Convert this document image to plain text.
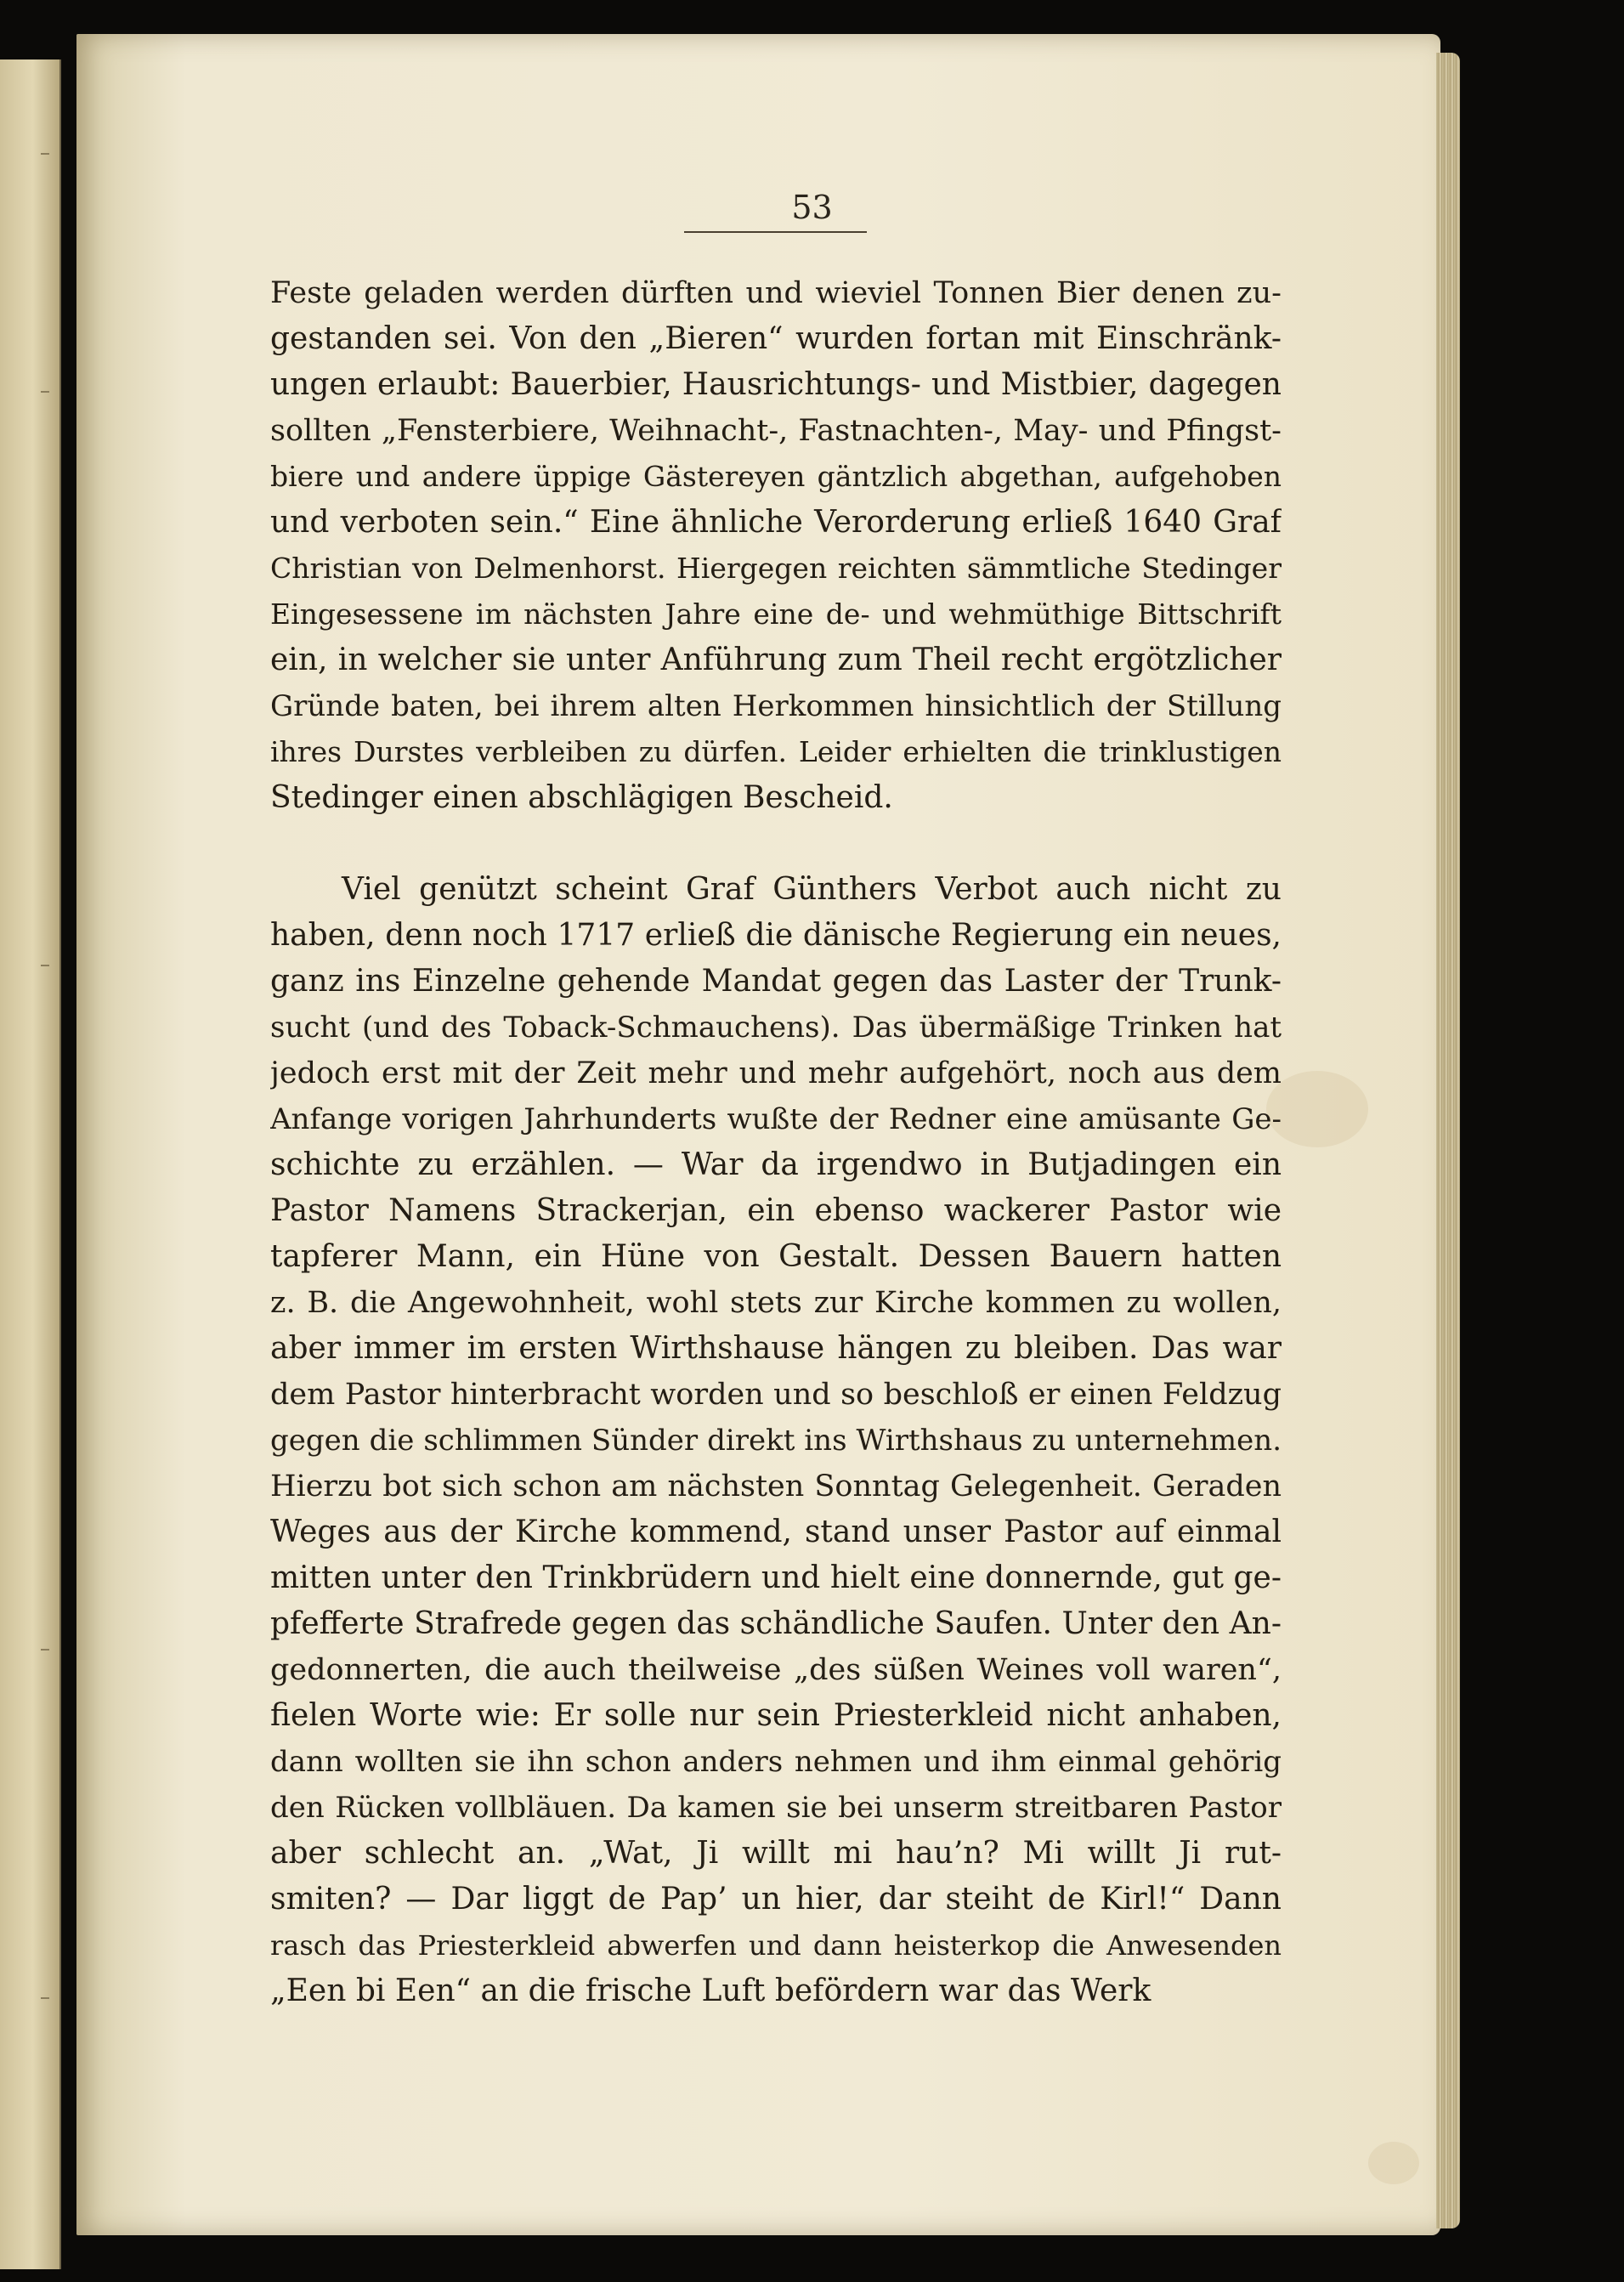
53
Feste geladen werden dürften und wieviel Tonnen Bier denen zu-
gestanden sei. Von den „Bieren“ wurden fortan mit Einschränk-
ungen erlaubt: Bauerbier, Hausrichtungs- und Mistbier, dagegen
sollten „Fensterbiere, Weihnacht-, Fastnachten-, May- und Pfingst-
biere und andere üppige Gästereyen gäntzlich abgethan, aufgehoben
und verboten sein.“ Eine ähnliche Verorderung erließ 1640 Graf
Christian von Delmenhorst. Hiergegen reichten sämmtliche Stedinger
Eingesessene im nächsten Jahre eine de- und wehmüthige Bittschrift
ein, in welcher sie unter Anführung zum Theil recht ergötzlicher
Gründe baten, bei ihrem alten Herkommen hinsichtlich der Stillung
ihres Durstes verbleiben zu dürfen. Leider erhielten die trinklustigen
Stedinger einen abschlägigen Bescheid.
Viel genützt scheint Graf Günthers Verbot auch nicht zu
haben, denn noch 1717 erließ die dänische Regierung ein neues,
ganz ins Einzelne gehende Mandat gegen das Laster der Trunk-
sucht (und des Toback-Schmauchens). Das übermäßige Trinken hat
jedoch erst mit der Zeit mehr und mehr aufgehört, noch aus dem
Anfange vorigen Jahrhunderts wußte der Redner eine amüsante Ge-
schichte zu erzählen. — War da irgendwo in Butjadingen ein
Pastor Namens Strackerjan, ein ebenso wackerer Pastor wie
tapferer Mann, ein Hüne von Gestalt. Dessen Bauern hatten
z. B. die Angewohnheit, wohl stets zur Kirche kommen zu wollen,
aber immer im ersten Wirthshause hängen zu bleiben. Das war
dem Pastor hinterbracht worden und so beschloß er einen Feldzug
gegen die schlimmen Sünder direkt ins Wirthshaus zu unternehmen.
Hierzu bot sich schon am nächsten Sonntag Gelegenheit. Geraden
Weges aus der Kirche kommend, stand unser Pastor auf einmal
mitten unter den Trinkbrüdern und hielt eine donnernde, gut ge-
pfefferte Strafrede gegen das schändliche Saufen. Unter den An-
gedonnerten, die auch theilweise „des süßen Weines voll waren“,
fielen Worte wie: Er solle nur sein Priesterkleid nicht anhaben,
dann wollten sie ihn schon anders nehmen und ihm einmal gehörig
den Rücken vollbläuen. Da kamen sie bei unserm streitbaren Pastor
aber schlecht an. „Wat, Ji willt mi hau’n? Mi willt Ji rut-
smiten? — Dar liggt de Pap’ un hier, dar steiht de Kirl!“ Dann
rasch das Priesterkleid abwerfen und dann heisterkop die Anwesenden
„Een bi Een“ an die frische Luft befördern war das Werk
